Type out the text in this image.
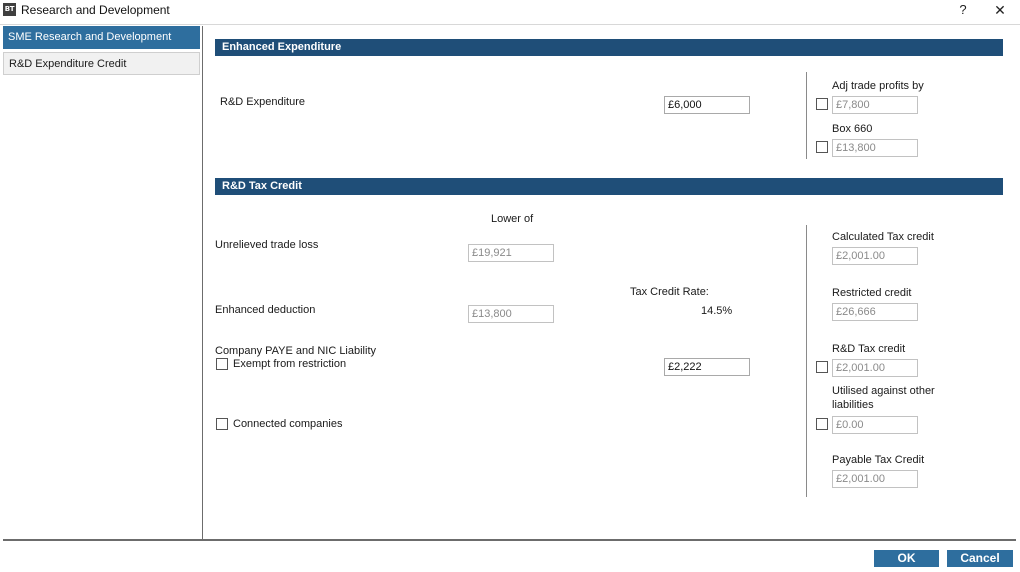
BT Research and Development	?	✕
SME Research and Development
R&D Expenditure Credit
Enhanced Expenditure
R&D Expenditure
£6,000
Adj trade profits by
£7,800
Box 660
£13,800
R&D Tax Credit
Lower of
Unrelieved trade loss
£19,921
Tax Credit Rate:
14.5%
Enhanced deduction
£13,800
Company PAYE and NIC Liability
Exempt from restriction
£2,222
Connected companies
Calculated Tax credit
£2,001.00
Restricted credit
£26,666
R&D Tax credit
£2,001.00
Utilised against other
liabilities
£0.00
Payable Tax Credit
£2,001.00
OK	Cancel
